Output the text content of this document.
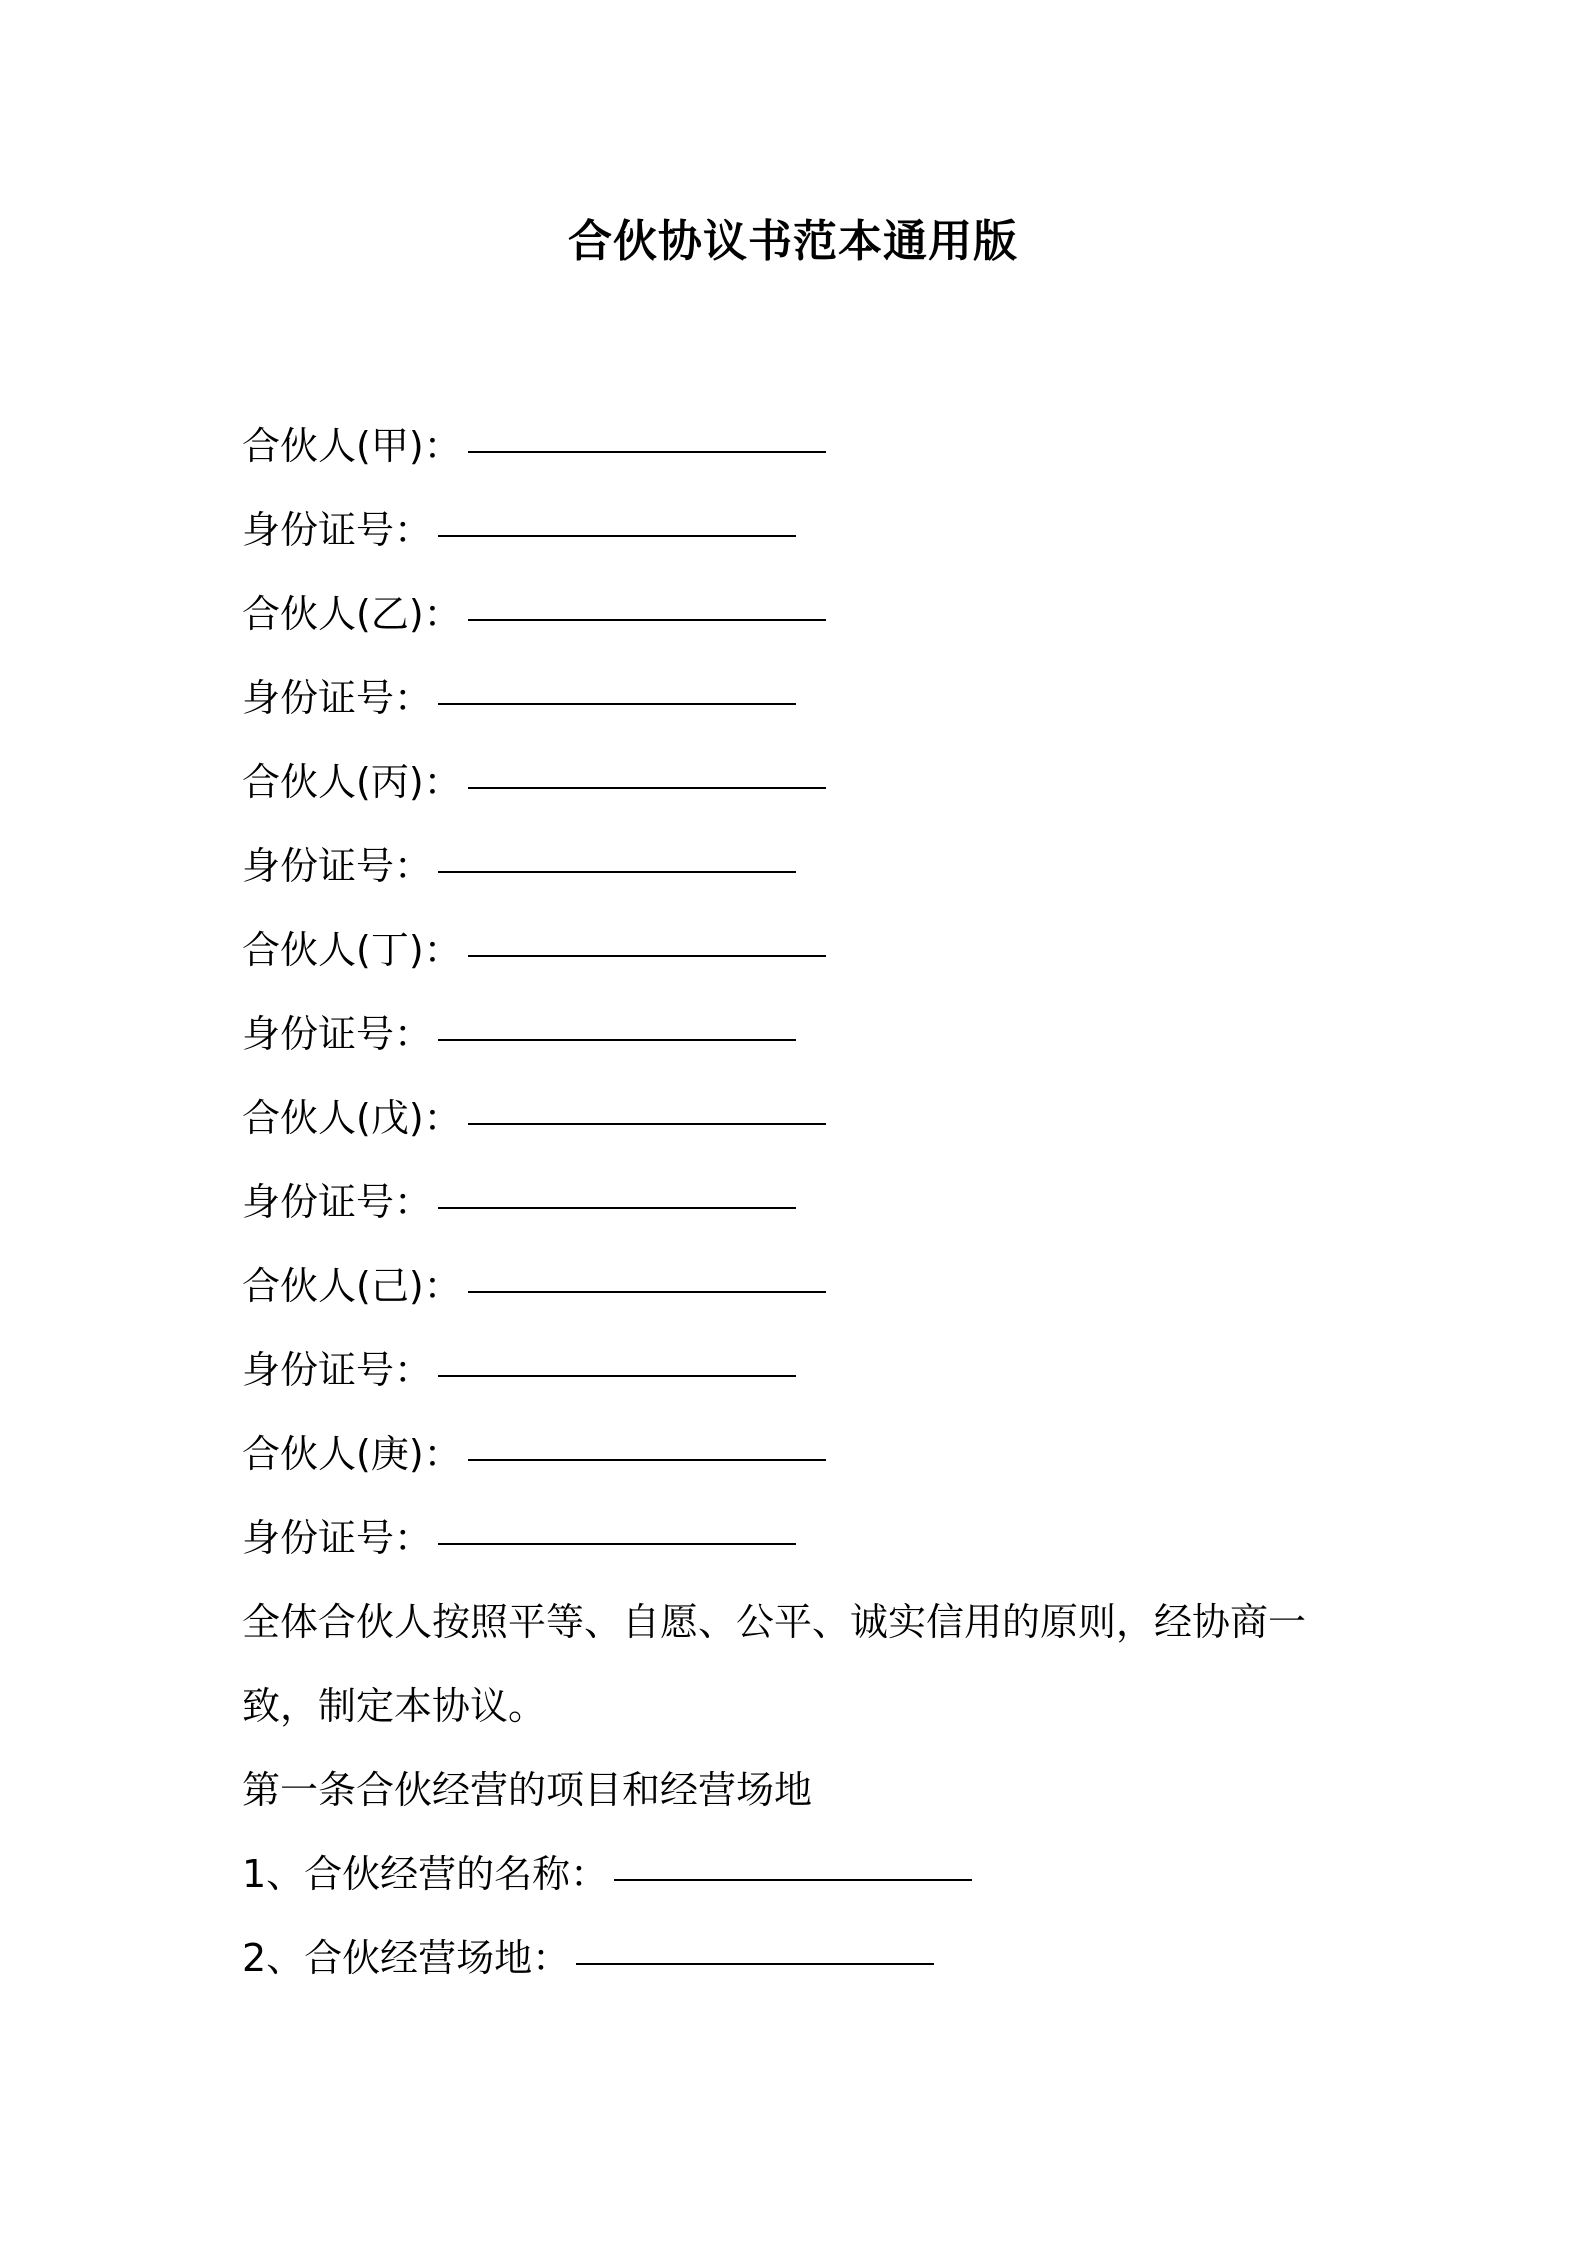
合伙协议书范本通用版
合伙人(甲)：
身份证号：
合伙人(乙)：
身份证号：
合伙人(丙)：
身份证号：
合伙人(丁)：
身份证号：
合伙人(戊)：
身份证号：
合伙人(己)：
身份证号：
合伙人(庚)：
身份证号：
全体合伙人按照平等、自愿、公平、诚实信用的原则，经协商一致，制定本协议。
第一条合伙经营的项目和经营场地
1、合伙经营的名称：
2、合伙经营场地：
